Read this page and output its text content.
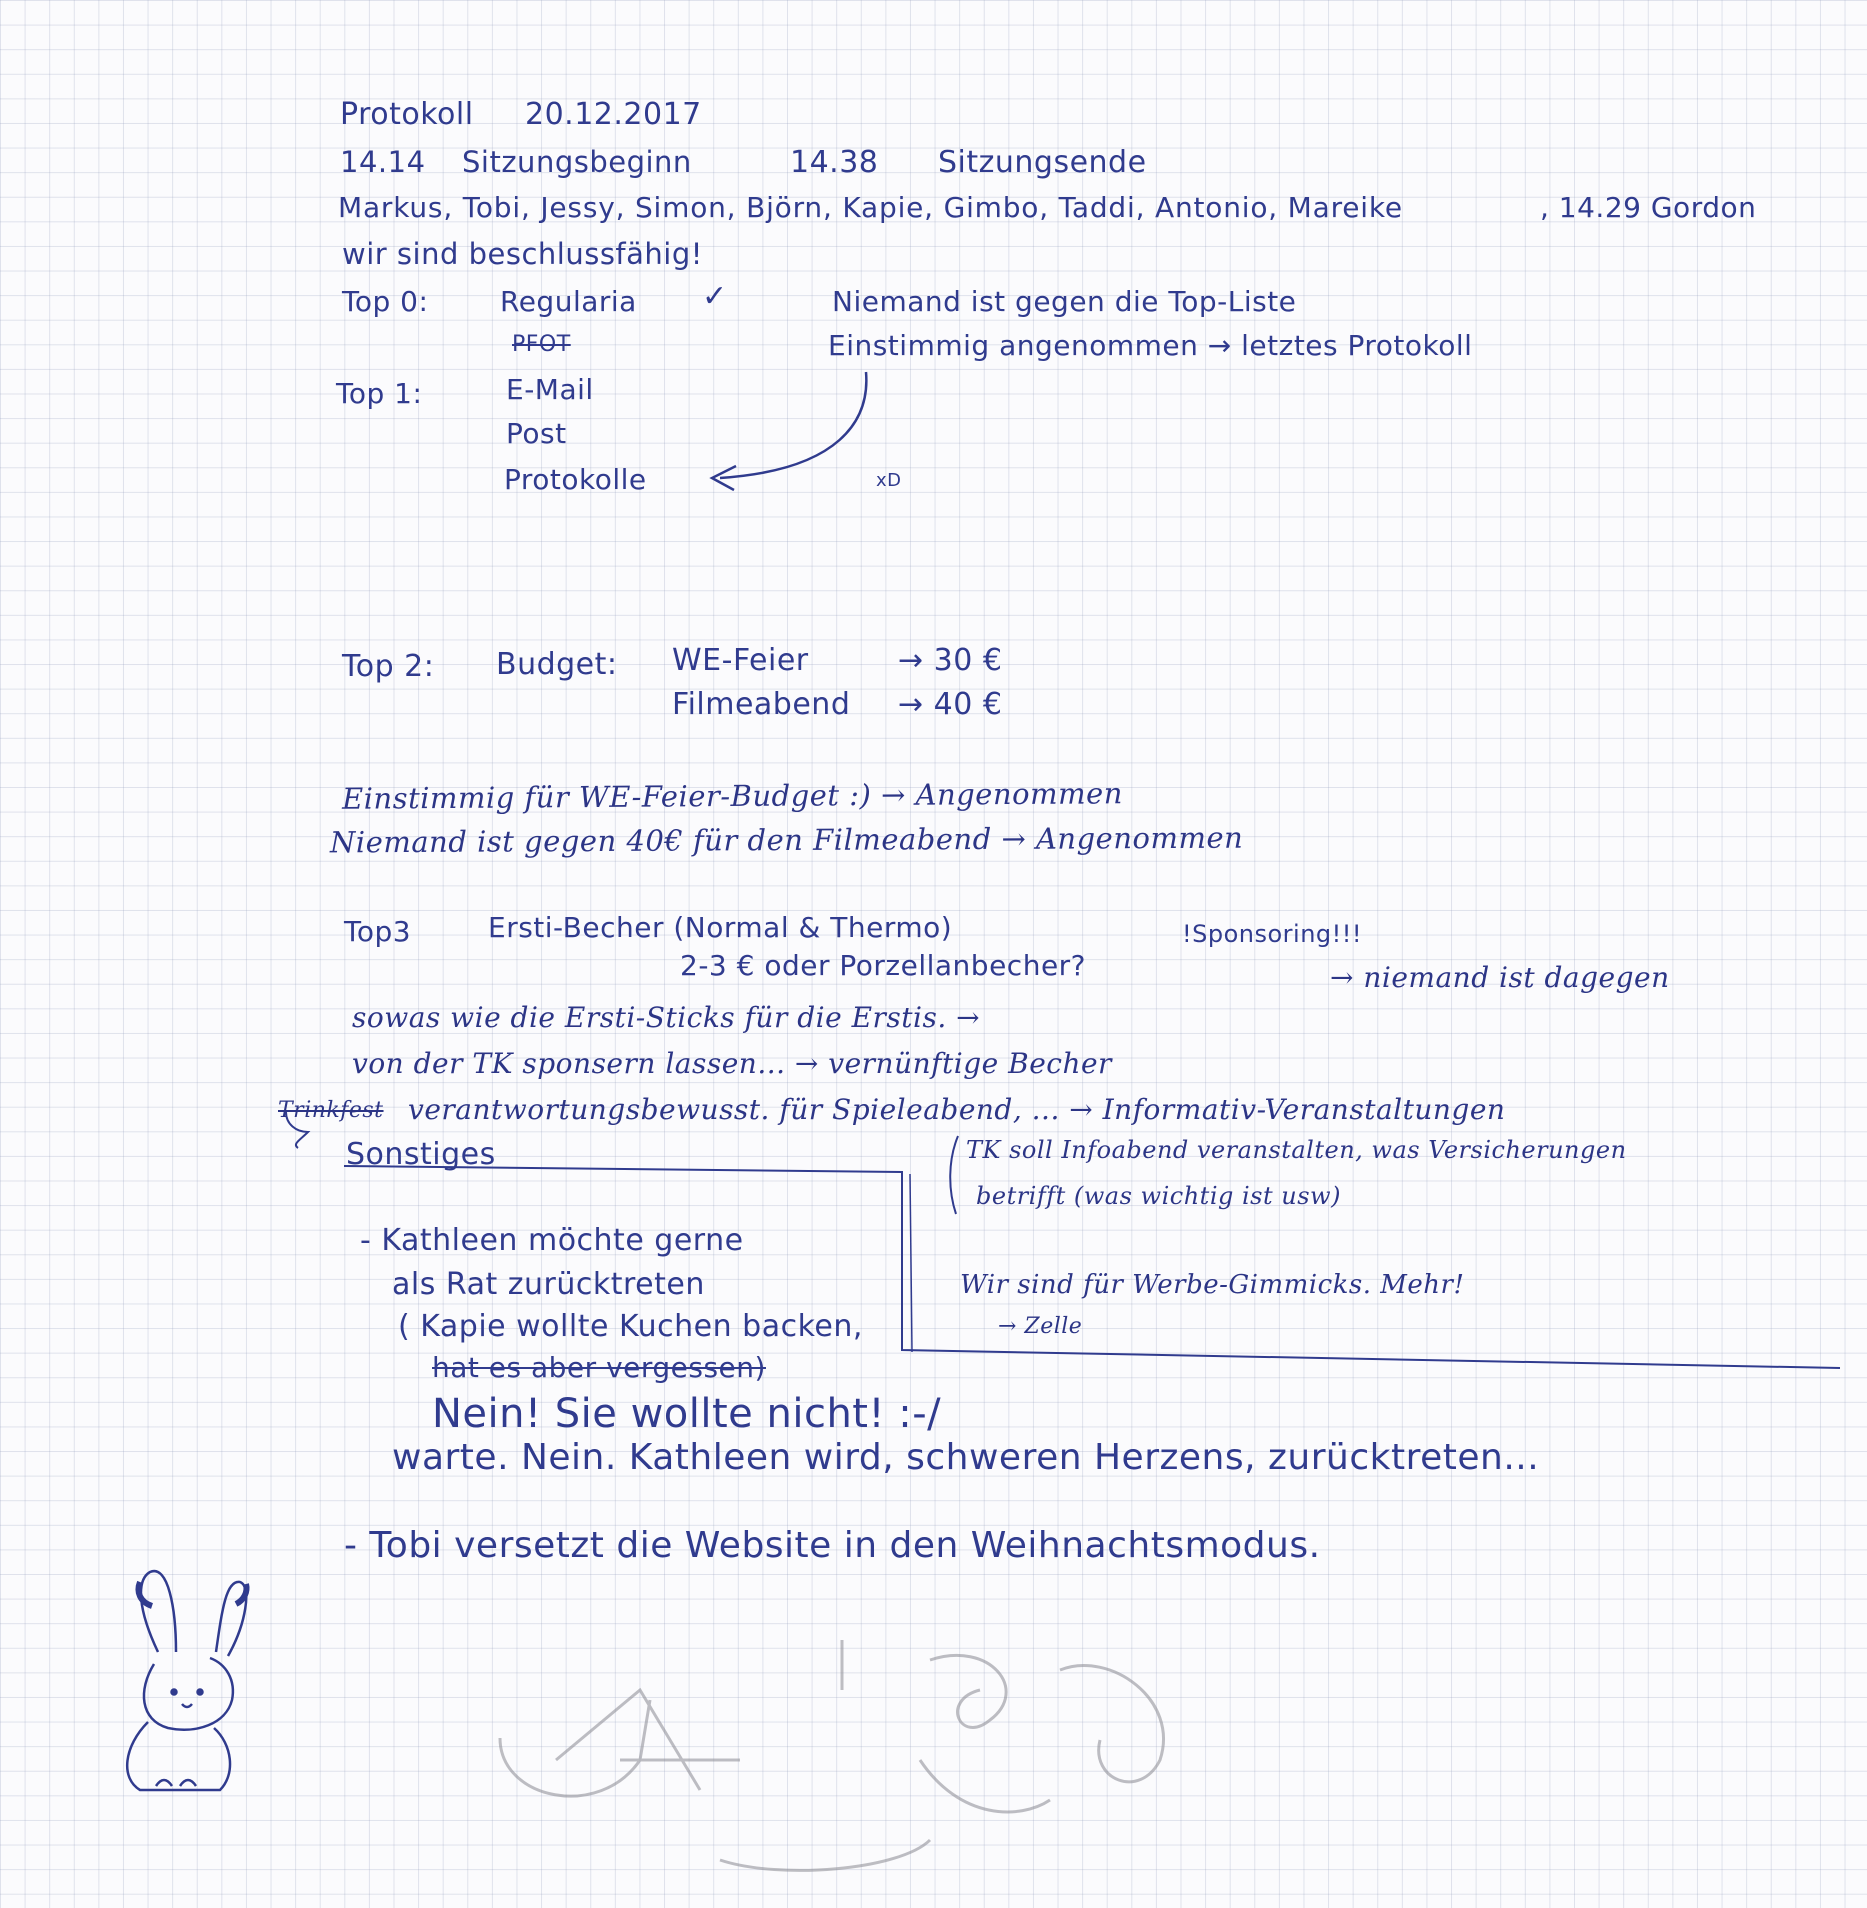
Protokoll 20.12.2017
14.14 Sitzungsbeginn	14.38 Sitzungsende
Markus, Tobi, Jessy, Simon, Björn, Kapie, Gimbo, Taddi, Antonio, Mareike	, 14.29 Gordon
wir sind beschlussfähig!
Top 0:	Regularia ✓
PFOT
Niemand ist gegen die Top-Liste
Einstimmig angenommen → letztes Protokoll
Top 1:	E-Mail
Post
Protokolle	xD
Top 2: Budget: WE-Feier	→ 30 €
Filmeabend → 40 €
Einstimmig für WE-Feier-Budget :) → Angenommen
Niemand ist gegen 40€ für den Filmeabend → Angenommen
Top3	Ersti-Becher (Normal & Thermo)	!Sponsoring!!!
2-3 € oder Porzellanbecher?	→ niemand ist dagegen
sowas wie die Ersti-Sticks für die Erstis. →
von der TK sponsern lassen... → vernünftige Becher
Trinkfest verantwortungsbewusst. für Spieleabend, ... → Informativ-Veranstaltungen
TK soll Infoabend veranstalten, was Versicherungen
betrifft (was wichtig ist usw)
Wir sind für Werbe-Gimmicks. Mehr!
→ Zelle
Sonstiges
- Kathleen möchte gerne
als Rat zurücktreten
( Kapie wollte Kuchen backen,
hat es aber vergessen)
Nein! Sie wollte nicht! :-/
warte. Nein. Kathleen wird, schweren Herzens, zurücktreten...
- Tobi versetzt die Website in den Weihnachtsmodus.
